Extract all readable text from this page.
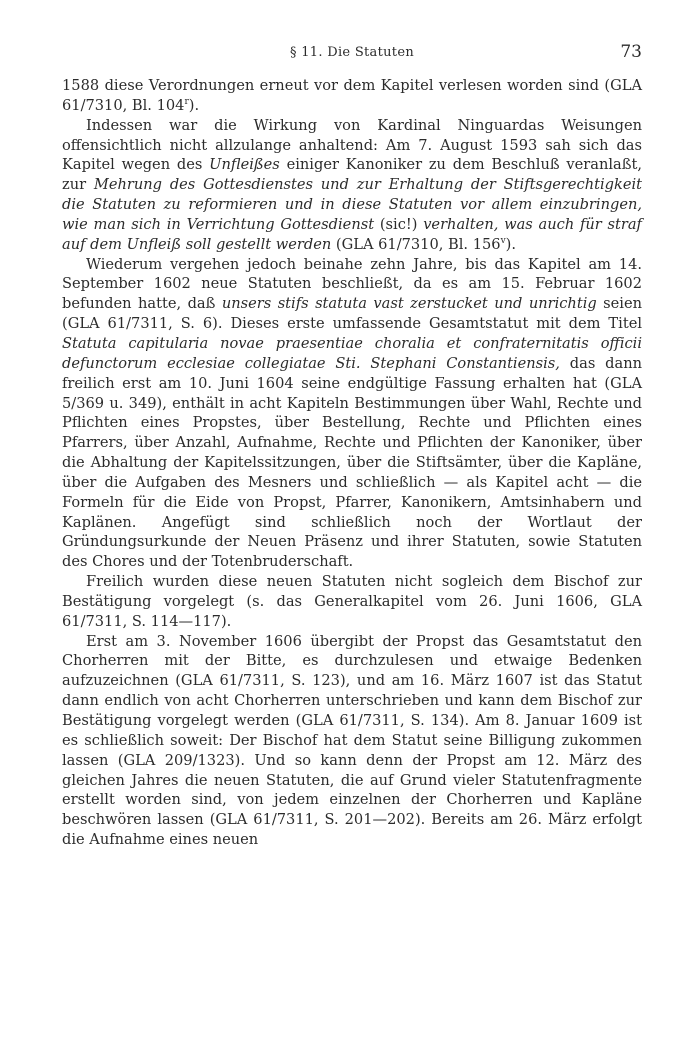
§ 11. Die Statuten	73

1588 diese Verordnungen erneut vor dem Kapitel verlesen worden sind (GLA 61/7310, Bl. 104$^r$).

Indessen war die Wirkung von Kardinal Ninguardas Weisungen offensichtlich nicht allzulange anhaltend: Am 7. August 1593 sah sich das Kapitel wegen des Unfleißes einiger Kanoniker zu dem Beschluß veranlaßt, zur Mehrung des Gottesdienstes und zur Erhaltung der Stiftsgerechtigkeit die Statuten zu reformieren und in diese Statuten vor allem einzubringen, wie man sich in Verrichtung Gottesdienst (sic!) verhalten, was auch für straf auf dem Unfleiß soll gestellt werden (GLA 61/7310, Bl. 156$^v$).

Wiederum vergehen jedoch beinahe zehn Jahre, bis das Kapitel am 14. September 1602 neue Statuten beschließt, da es am 15. Februar 1602 befunden hatte, daß unsers stifs statuta vast zerstucket und unrichtig seien (GLA 61/7311, S. 6). Dieses erste umfassende Gesamtstatut mit dem Titel Statuta capitularia novae praesentiae choralia et confraternitatis officii defunctorum ecclesiae collegiatae Sti. Stephani Constantiensis, das dann freilich erst am 10. Juni 1604 seine endgültige Fassung erhalten hat (GLA 5/369 u. 349), enthält in acht Kapiteln Bestimmungen über Wahl, Rechte und Pflichten eines Propstes, über Bestellung, Rechte und Pflichten eines Pfarrers, über Anzahl, Aufnahme, Rechte und Pflichten der Kanoniker, über die Abhaltung der Kapitelssitzungen, über die Stiftsämter, über die Kapläne, über die Aufgaben des Mesners und schließlich — als Kapitel acht — die Formeln für die Eide von Propst, Pfarrer, Kanonikern, Amtsinhabern und Kaplänen. Angefügt sind schließlich noch der Wortlaut der Gründungsurkunde der Neuen Präsenz und ihrer Statuten, sowie Statuten des Chores und der Totenbruderschaft.

Freilich wurden diese neuen Statuten nicht sogleich dem Bischof zur Bestätigung vorgelegt (s. das Generalkapitel vom 26. Juni 1606, GLA 61/7311, S. 114—117).

Erst am 3. November 1606 übergibt der Propst das Gesamtstatut den Chorherren mit der Bitte, es durchzulesen und etwaige Bedenken aufzuzeichnen (GLA 61/7311, S. 123), und am 16. März 1607 ist das Statut dann endlich von acht Chorherren unterschrieben und kann dem Bischof zur Bestätigung vorgelegt werden (GLA 61/7311, S. 134). Am 8. Januar 1609 ist es schließlich soweit: Der Bischof hat dem Statut seine Billigung zukommen lassen (GLA 209/1323). Und so kann denn der Propst am 12. März des gleichen Jahres die neuen Statuten, die auf Grund vieler Statutenfragmente erstellt worden sind, von jedem einzelnen der Chorherren und Kapläne beschwören lassen (GLA 61/7311, S. 201—202). Bereits am 26. März erfolgt die Aufnahme eines neuen
